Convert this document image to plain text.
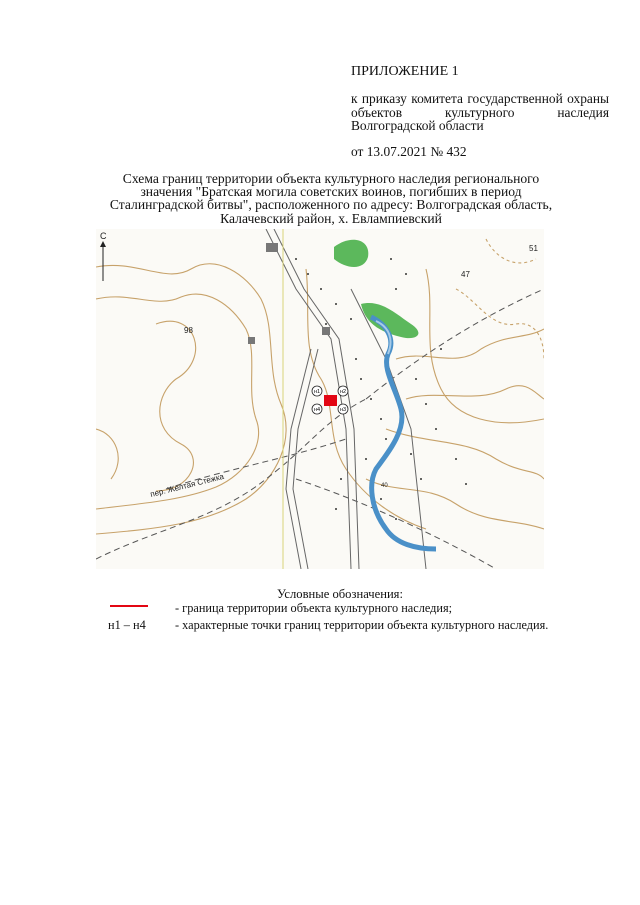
ПРИЛОЖЕНИЕ 1
к приказу комитета государственной охраны объектов культурного наследия Волгоградской области
от 13.07.2021 № 432
Схема границ территории объекта культурного наследия регионального значения "Братская могила советских воинов, погибших в период Сталинградской битвы", расположенного по адресу: Волгоградская область, Калачевский район, х. Евлампиевский
С
98
47
51
40
пер. Желтая Стежка
н1	н2
н3
н4
Условные обозначения:
- граница территории объекта культурного наследия;
н1 – н4 - характерные точки границ территории объекта культурного наследия.
